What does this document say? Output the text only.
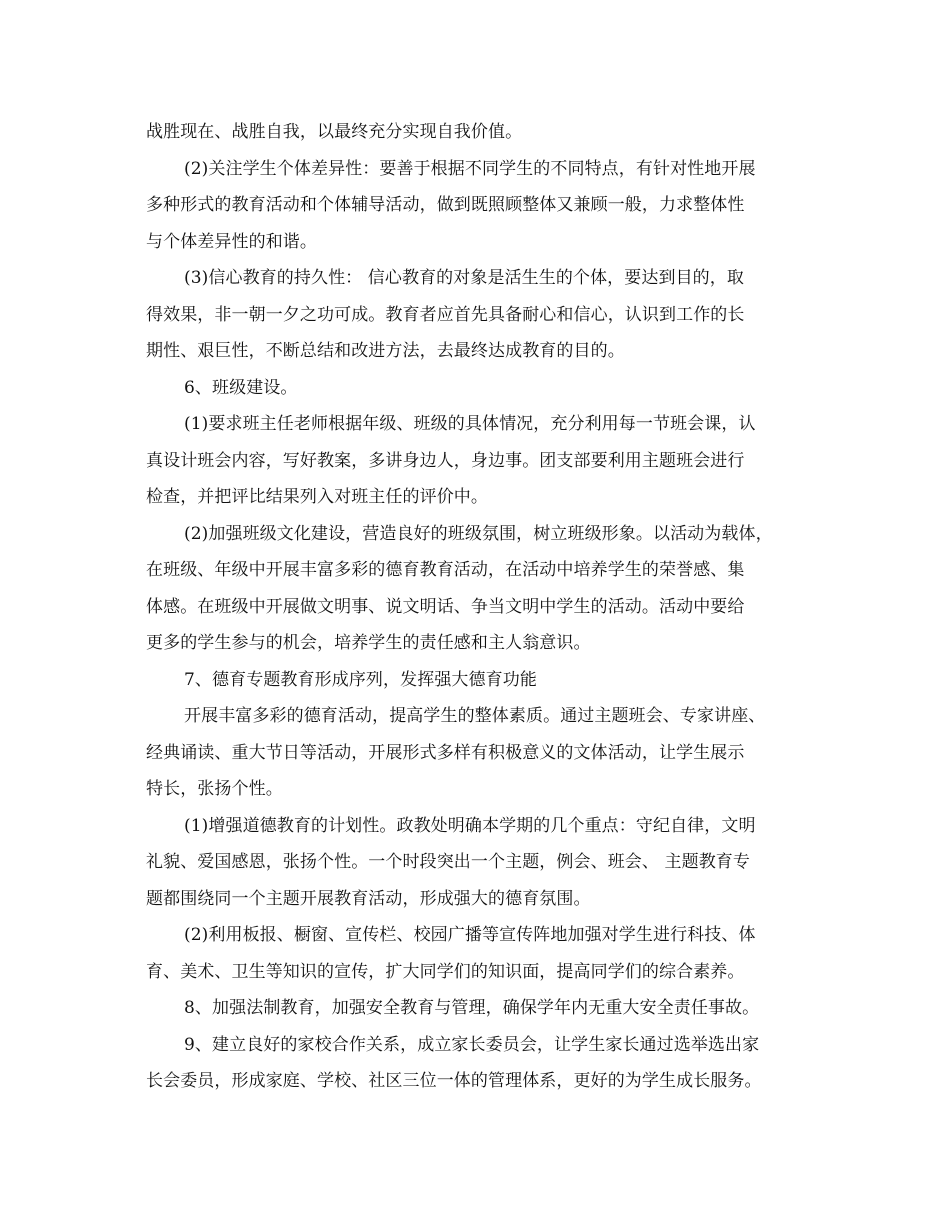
战胜现在、战胜自我，以最终充分实现自我价值。
(2)关注学生个体差异性：要善于根据不同学生的不同特点，有针对性地开展
多种形式的教育活动和个体辅导活动，做到既照顾整体又兼顾一般，力求整体性
与个体差异性的和谐。
(3)信心教育的持久性： 信心教育的对象是活生生的个体，要达到目的，取
得效果，非一朝一夕之功可成。教育者应首先具备耐心和信心，认识到工作的长
期性、艰巨性，不断总结和改进方法，去最终达成教育的目的。
6、班级建设。
(1)要求班主任老师根据年级、班级的具体情况，充分利用每一节班会课，认
真设计班会内容，写好教案，多讲身边人，身边事。团支部要利用主题班会进行
检查，并把评比结果列入对班主任的评价中。
(2)加强班级文化建设，营造良好的班级氛围，树立班级形象。以活动为载体，
在班级、年级中开展丰富多彩的德育教育活动，在活动中培养学生的荣誉感、集
体感。在班级中开展做文明事、说文明话、争当文明中学生的活动。活动中要给
更多的学生参与的机会，培养学生的责任感和主人翁意识。
7、德育专题教育形成序列，发挥强大德育功能
开展丰富多彩的德育活动，提高学生的整体素质。通过主题班会、专家讲座、
经典诵读、重大节日等活动，开展形式多样有积极意义的文体活动，让学生展示
特长，张扬个性。
(1)增强道德教育的计划性。政教处明确本学期的几个重点：守纪自律，文明
礼貌、爱国感恩，张扬个性。一个时段突出一个主题，例会、班会、 主题教育专
题都围绕同一个主题开展教育活动，形成强大的德育氛围。
(2)利用板报、橱窗、宣传栏、校园广播等宣传阵地加强对学生进行科技、体
育、美术、卫生等知识的宣传，扩大同学们的知识面，提高同学们的综合素养。
8、加强法制教育，加强安全教育与管理，确保学年内无重大安全责任事故。
9、建立良好的家校合作关系，成立家长委员会，让学生家长通过选举选出家
长会委员，形成家庭、学校、社区三位一体的管理体系，更好的为学生成长服务。
